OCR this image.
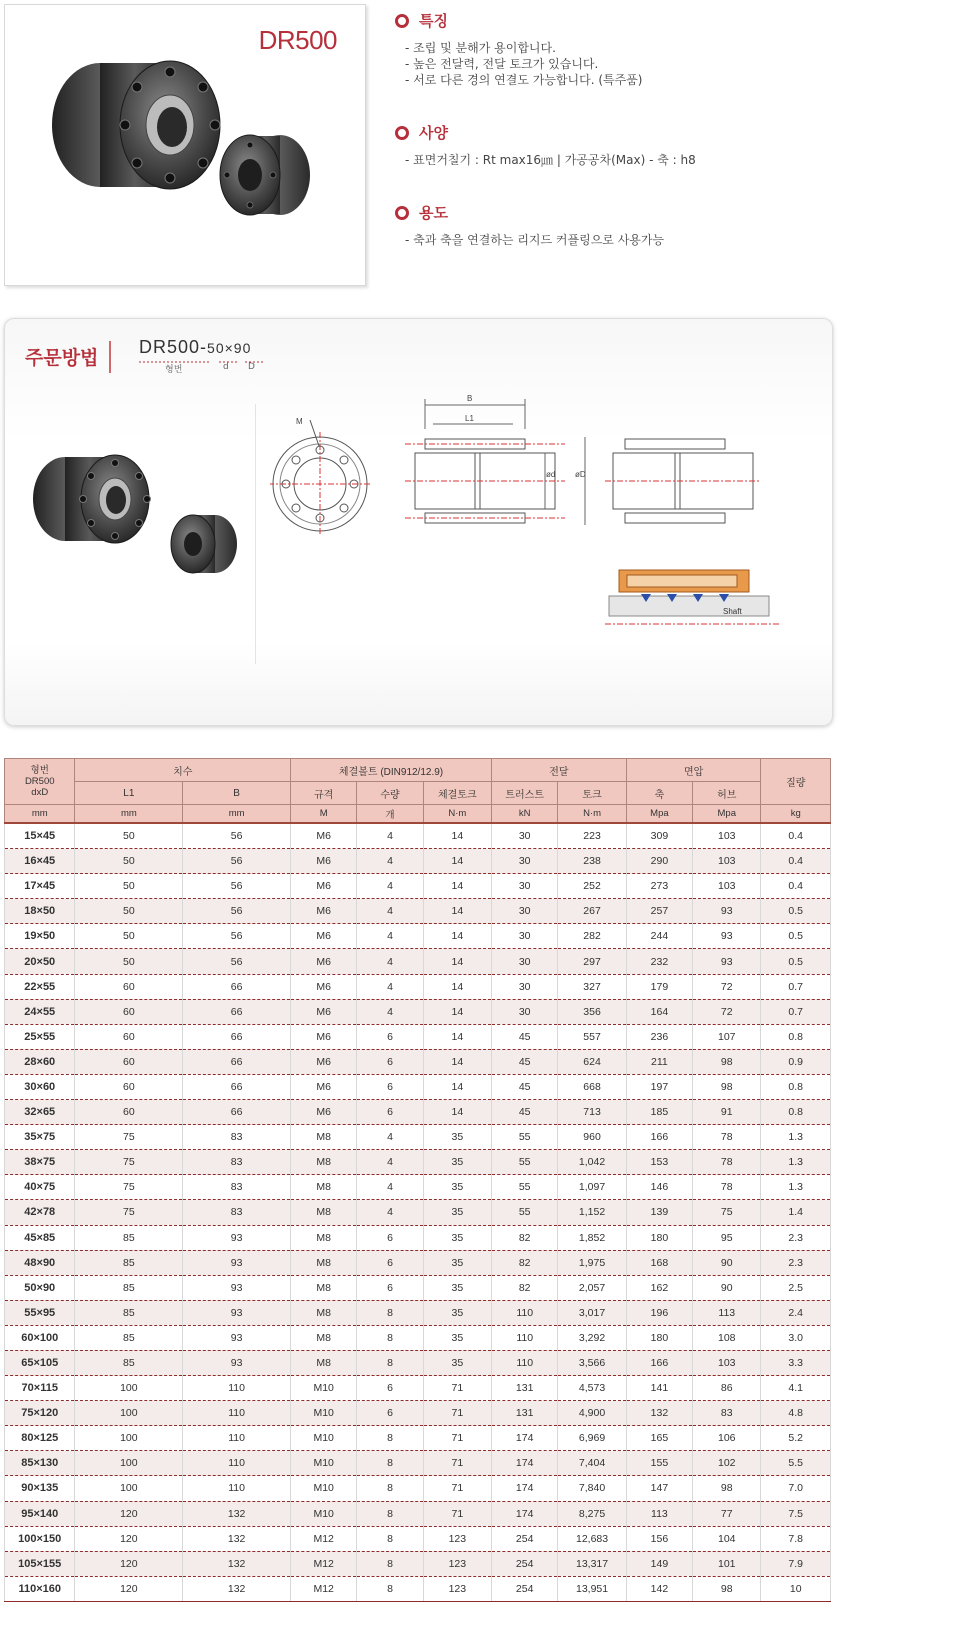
DR500
특징
- 조립 및 분해가 용이합니다.
- 높은 전달력, 전달 토크가 있습니다.
- 서로 다른 경의 연결도 가능합니다. (특주품)
사양
- 표면거칠기 : Rt max16㎛ | 가공공차(Max) - 축 : h8
용도
- 축과 축을 연결하는 리지드 커플링으로 사용가능
주문방법 DR500-50×90
형번	d D
M
B
L1
ød øD
Shaft
형번
DR500
dxD	치수		체결볼트 (DIN912/12.9)			전달		면압		질량
	L1	B	규격	수량	체결토크	트러스트	토크	축	허브	
mm	mm	mm	M	개	N·m	kN	N·m	Mpa	Mpa	kg
15×45	50	56	M6	4	14	30	223	309	103	0.4
16×45	50	56	M6	4	14	30	238	290	103	0.4
17×45	50	56	M6	4	14	30	252	273	103	0.4
18×50	50	56	M6	4	14	30	267	257	93	0.5
19×50	50	56	M6	4	14	30	282	244	93	0.5
20×50	50	56	M6	4	14	30	297	232	93	0.5
22×55	60	66	M6	4	14	30	327	179	72	0.7
24×55	60	66	M6	4	14	30	356	164	72	0.7
25×55	60	66	M6	6	14	45	557	236	107	0.8
28×60	60	66	M6	6	14	45	624	211	98	0.9
30×60	60	66	M6	6	14	45	668	197	98	0.8
32×65	60	66	M6	6	14	45	713	185	91	0.8
35×75	75	83	M8	4	35	55	960	166	78	1.3
38×75	75	83	M8	4	35	55	1,042	153	78	1.3
40×75	75	83	M8	4	35	55	1,097	146	78	1.3
42×78	75	83	M8	4	35	55	1,152	139	75	1.4
45×85	85	93	M8	6	35	82	1,852	180	95	2.3
48×90	85	93	M8	6	35	82	1,975	168	90	2.3
50×90	85	93	M8	6	35	82	2,057	162	90	2.5
55×95	85	93	M8	8	35	110	3,017	196	113	2.4
60×100	85	93	M8	8	35	110	3,292	180	108	3.0
65×105	85	93	M8	8	35	110	3,566	166	103	3.3
70×115	100	110	M10	6	71	131	4,573	141	86	4.1
75×120	100	110	M10	6	71	131	4,900	132	83	4.8
80×125	100	110	M10	8	71	174	6,969	165	106	5.2
85×130	100	110	M10	8	71	174	7,404	155	102	5.5
90×135	100	110	M10	8	71	174	7,840	147	98	7.0
95×140	120	132	M10	8	71	174	8,275	113	77	7.5
100×150	120	132	M12	8	123	254	12,683	156	104	7.8
105×155	120	132	M12	8	123	254	13,317	149	101	7.9
110×160	120	132	M12	8	123	254	13,951	142	98	10
